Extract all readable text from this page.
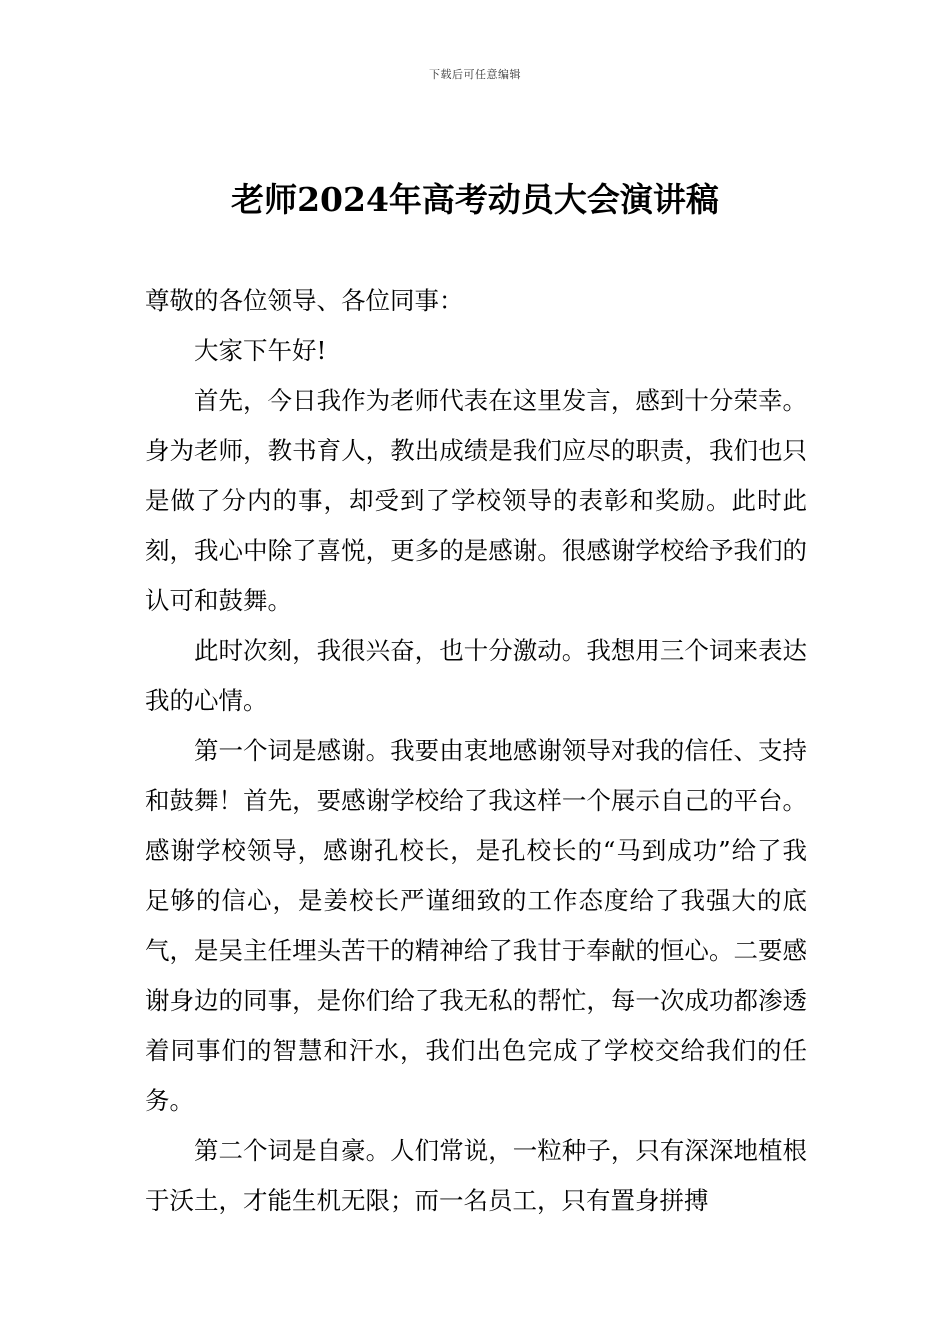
下载后可任意编辑
老师2024年高考动员大会演讲稿

尊敬的各位领导、各位同事：

大家下午好!

首先，今日我作为老师代表在这里发言，感到十分荣幸。身为老师，教书育人，教出成绩是我们应尽的职责，我们也只是做了分内的事，却受到了学校领导的表彰和奖励。此时此刻，我心中除了喜悦，更多的是感谢。很感谢学校给予我们的认可和鼓舞。

此时次刻，我很兴奋，也十分激动。我想用三个词来表达我的心情。

第一个词是感谢。我要由衷地感谢领导对我的信任、支持和鼓舞！首先，要感谢学校给了我这样一个展示自己的平台。感谢学校领导，感谢孔校长，是孔校长的“马到成功”给了我足够的信心，是姜校长严谨细致的工作态度给了我强大的底气，是吴主任埋头苦干的精神给了我甘于奉献的恒心。二要感谢身边的同事，是你们给了我无私的帮忙，每一次成功都渗透着同事们的智慧和汗水，我们出色完成了学校交给我们的任务。

第二个词是自豪。人们常说，一粒种子，只有深深地植根于沃土，才能生机无限；而一名员工，只有置身拼搏
